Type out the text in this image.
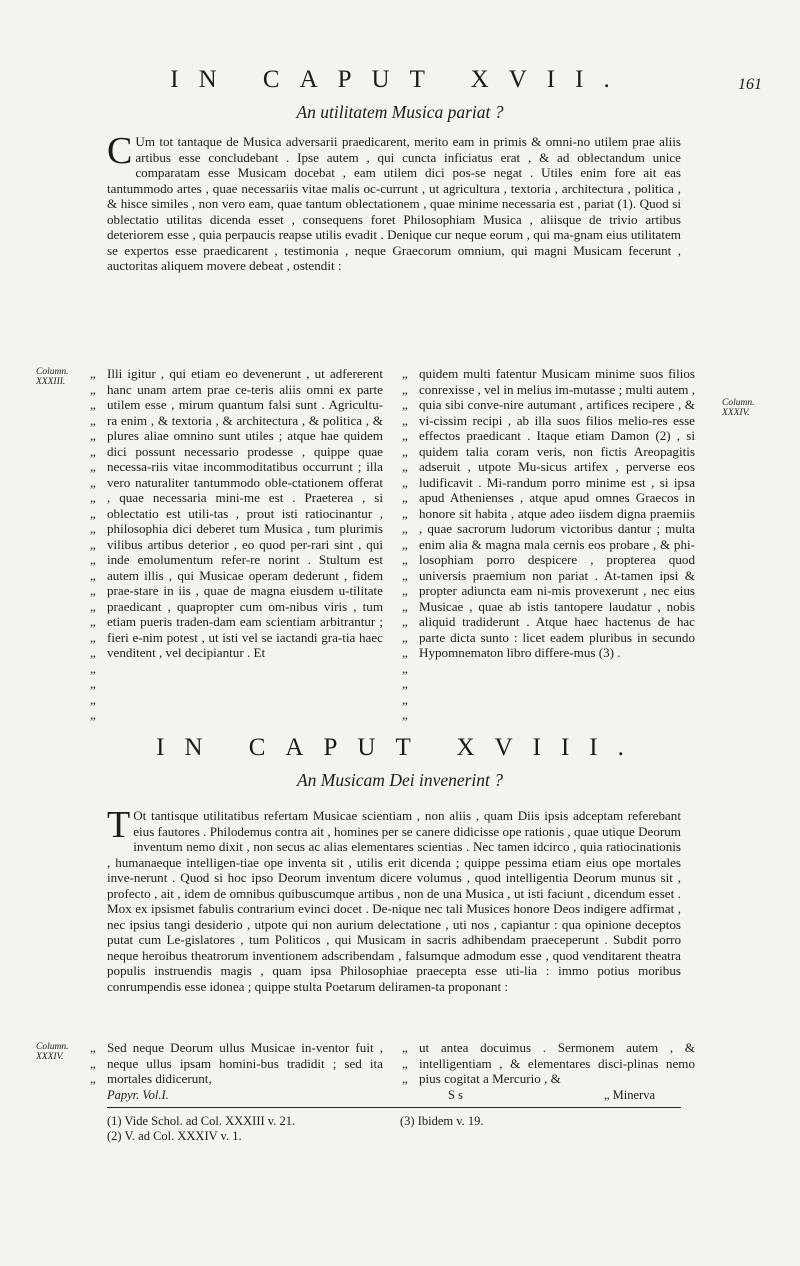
161
IN CAPUT XVII.
An utilitatem Musica pariat ?

C Um tot tantaque de Musica adversarii praedicarent, merito eam in primis & omni-no utilem prae aliis artibus esse concludebant . Ipse autem , qui cuncta inficiatus erat , & ad oblectandum unice comparatam esse Musicam docebat , eam utilem dici pos-se negat . Utiles enim fore ait eas tantummodo artes , quae necessariis vitae malis oc-currunt , ut agricultura , textoria , architectura , politica , & hisce similes , non vero eam, quae tantum oblectationem , quae minime necessaria est , pariat (1). Quod si oblectatio utilitas dicenda esset , consequens foret Philosophiam Musica , aliisque de trivio artibus deteriorem esse , quia perpaucis reapse utilis evadit . Denique cur neque eorum , qui ma-gnam eius utilitatem se expertos esse praedicarent , testimonia , neque Graecorum omnium, qui magni Musicam fecerunt , auctoritas aliquem movere debeat , ostendit :

Column. XXXIII.
Column. XXXIV.
„ „ „ „ „ „ „ „ „ „ „ „ „ „ „ „ „ „ „ „ „ „ „
Illi igitur , qui etiam eo devenerunt , ut adfererent hanc unam artem prae ce-teris aliis omni ex parte utilem esse , mirum quantum falsi sunt . Agricultu-ra enim , & textoria , & architectura , & politica , & plures aliae omnino sunt utiles ; atque hae quidem dici possunt necessario prodesse , quippe quae necessa-riis vitae incommoditatibus occurrunt ; illa vero naturaliter tantummodo oble-ctationem offerat , quae necessaria mini-me est . Praeterea , si oblectatio est utili-tas , prout isti ratiocinantur , philosophia dici deberet tum Musica , tum plurimis vilibus artibus deterior , eo quod per-rari sint , qui inde emolumentum refer-re norint . Stultum est autem illis , qui Musicae operam dederunt , fidem prae-stare in iis , quae de magna eiusdem u-tilitate praedicant , quapropter cum om-nibus viris , tum etiam pueris traden-dam eam scientiam arbitrantur ; fieri e-nim potest , ut isti vel se iactandi gra-tia haec venditent , vel decipiantur . Et
„ „ „ „ „ „ „ „ „ „ „ „ „ „ „ „ „ „ „ „ „ „ „
quidem multi fatentur Musicam minime suos filios conrexisse , vel in melius im-mutasse ; multi autem , quia sibi conve-nire autumant , artifices recipere , & vi-cissim recipi , ab illa suos filios melio-res esse effectos praedicant . Itaque etiam Damon (2) , si quidem talia coram veris, non fictis Areopagitis adseruit , utpote Mu-sicus artifex , perverse eos ludificavit . Mi-randum porro minime est , si ipsa apud Athenienses , atque apud omnes Graecos in honore sit habita , atque adeo iisdem digna praemiis , quae sacrorum ludorum victoribus dantur ; multa enim alia & magna mala cernis eos probare , & phi-losophiam porro despicere , propterea quod universis praemium non pariat . At-tamen ipsi & propter adiuncta eam ni-mis provexerunt , nec eius Musicae , quae ab istis tantopere laudatur , nobis aliquid tradiderunt . Atque haec hactenus de hac parte dicta sunto : licet eadem pluribus in secundo Hypomnematon libro differe-mus (3) .
IN CAPUT XVIII.
An Musicam Dei invenerint ?

T Ot tantisque utilitatibus refertam Musicae scientiam , non aliis , quam Diis ipsis adceptam referebant eius fautores . Philodemus contra ait , homines per se canere didicisse ope rationis , quae utique Deorum inventum nemo dixit , non secus ac alias elementares scientias . Nec tamen idcirco , quia ratiocinationis , humanaeque intelligen-tiae ope inventa sit , utilis erit dicenda ; quippe pessima etiam eius ope mortales inve-nerunt . Quod si hoc ipso Deorum inventum dicere volumus , quod intelligentia Deorum munus sit , profecto , ait , idem de omnibus quibuscumque artibus , non de una Musica , ut isti faciunt , dicendum esset . Mox ex ipsismet fabulis contrarium evinci docet . De-nique nec tali Musices honore Deos indigere adfirmat , nec ipsius tangi desiderio , utpote qui non aurium delectatione , uti nos , capiantur : qua opinione deceptos putat cum Le-gislatores , tum Politicos , qui Musicam in sacris adhibendam praeceperunt . Subdit porro neque heroibus theatrorum inventionem adscribendam , falsumque admodum esse , quod venditarent theatra populis instruendis magis , quam ipsa Philosophiae praecepta esse uti-lia : immo potius moribus conrumpendis esse idonea ; quippe stulta Poetarum deliramen-ta proponant :

Column. XXXIV.
„ „ „ „ „ „ „ „ „ „ „ „ „ „ „ „ „ „ „ „ „ „ „
Sed neque Deorum ullus Musicae in-ventor fuit , neque ullus ipsam homini-bus tradidit ; sed ita mortales didicerunt,
„ „ „ „ „ „ „ „ „ „ „ „ „ „ „ „ „ „ „ „ „ „ „
ut antea docuimus . Sermonem autem , & intelligentiam , & elementares disci-plinas nemo pius cogitat a Mercurio , &
Papyr. Vol.I.	S s	„ Minerva
(1) Vide Schol. ad Col. XXXIII v. 21.
(2) V. ad Col. XXXIV v. 1.
(3) Ibidem v. 19.
